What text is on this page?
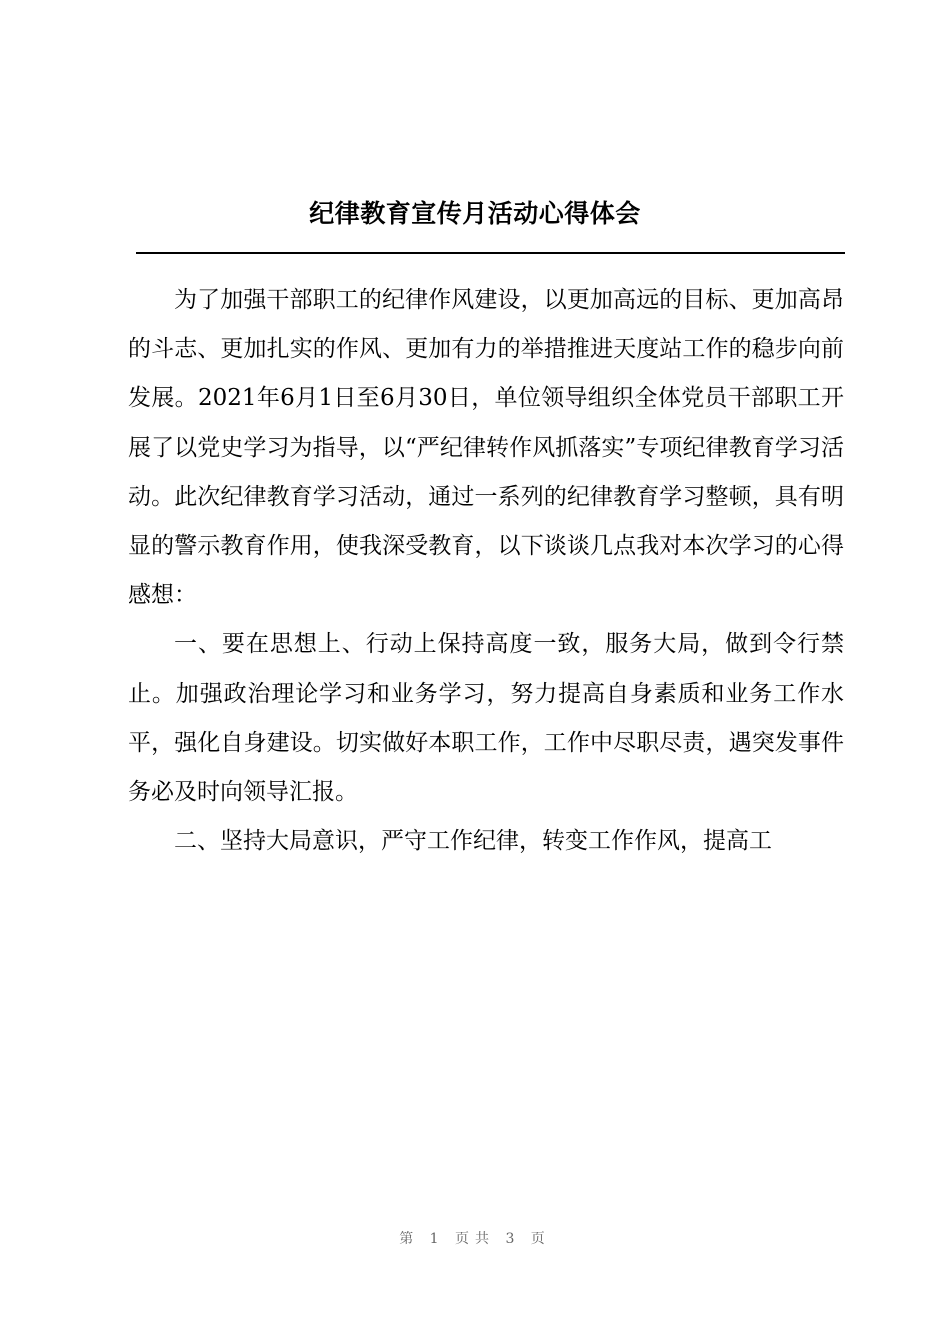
纪律教育宣传月活动心得体会

为了加强干部职工的纪律作风建设，以更加高远的目标、更加高昂的斗志、更加扎实的作风、更加有力的举措推进天度站工作的稳步向前发展。2021年6月1日至6月30日，单位领导组织全体党员干部职工开展了以党史学习为指导，以“严纪律转作风抓落实”专项纪律教育学习活动。此次纪律教育学习活动，通过一系列的纪律教育学习整顿，具有明显的警示教育作用，使我深受教育，以下谈谈几点我对本次学习的心得感想：

一、要在思想上、行动上保持高度一致，服务大局，做到令行禁止。加强政治理论学习和业务学习，努力提高自身素质和业务工作水平，强化自身建设。切实做好本职工作，工作中尽职尽责，遇突发事件务必及时向领导汇报。

二、坚持大局意识，严守工作纪律，转变工作作风，提高工

第 1 页共 3 页
